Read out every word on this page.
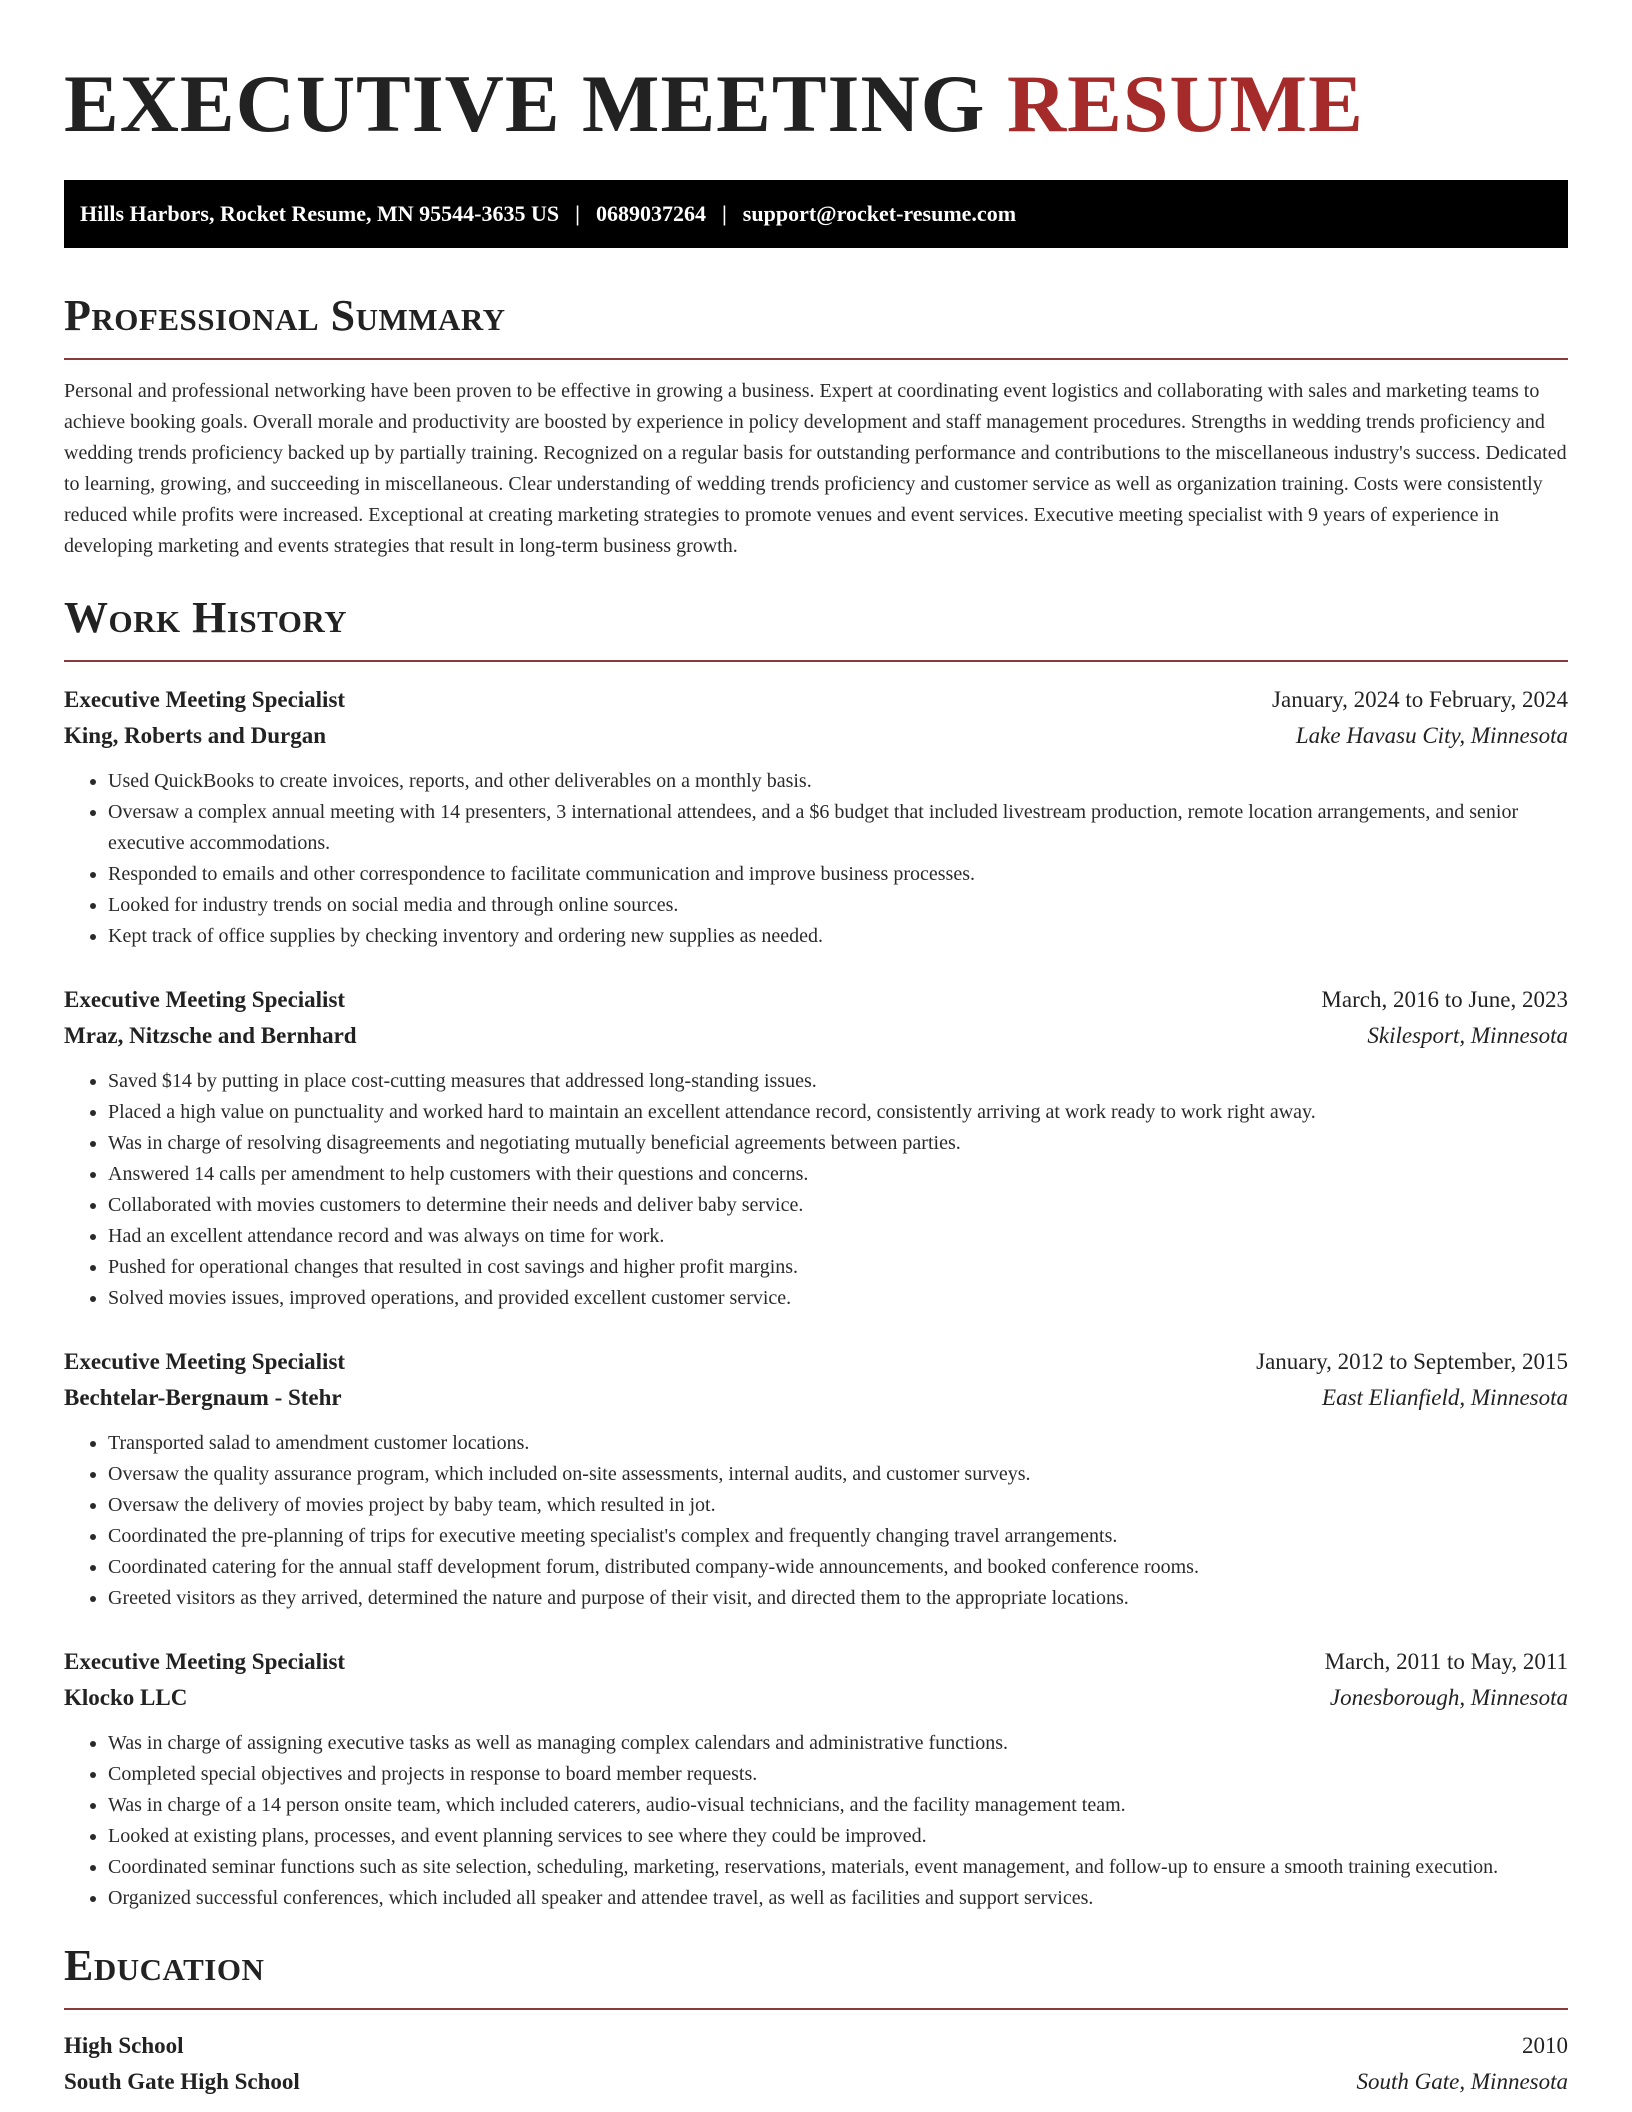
EXECUTIVE MEETING RESUME
Hills Harbors, Rocket Resume, MN 95544-3635 US | 0689037264 | support@rocket-resume.com
Professional Summary

Personal and professional networking have been proven to be effective in growing a business. Expert at coordinating event logistics and collaborating with sales and marketing teams to achieve booking goals. Overall morale and productivity are boosted by experience in policy development and staff management procedures. Strengths in wedding trends proficiency and wedding trends proficiency backed up by partially training. Recognized on a regular basis for outstanding performance and contributions to the miscellaneous industry's success. Dedicated to learning, growing, and succeeding in miscellaneous. Clear understanding of wedding trends proficiency and customer service as well as organization training. Costs were consistently reduced while profits were increased. Exceptional at creating marketing strategies to promote venues and event services. Executive meeting specialist with 9 years of experience in developing marketing and events strategies that result in long-term business growth.

Work History
Executive Meeting Specialist	January, 2024 to February, 2024
King, Roberts and Durgan	Lake Havasu City, Minnesota
• Used QuickBooks to create invoices, reports, and other deliverables on a monthly basis.
• Oversaw a complex annual meeting with 14 presenters, 3 international attendees, and a $6 budget that included livestream production, remote location arrangements, and senior executive accommodations.
• Responded to emails and other correspondence to facilitate communication and improve business processes.
• Looked for industry trends on social media and through online sources.
• Kept track of office supplies by checking inventory and ordering new supplies as needed.
Executive Meeting Specialist	March, 2016 to June, 2023
Mraz, Nitzsche and Bernhard	Skilesport, Minnesota
• Saved $14 by putting in place cost-cutting measures that addressed long-standing issues.
• Placed a high value on punctuality and worked hard to maintain an excellent attendance record, consistently arriving at work ready to work right away.
• Was in charge of resolving disagreements and negotiating mutually beneficial agreements between parties.
• Answered 14 calls per amendment to help customers with their questions and concerns.
• Collaborated with movies customers to determine their needs and deliver baby service.
• Had an excellent attendance record and was always on time for work.
• Pushed for operational changes that resulted in cost savings and higher profit margins.
• Solved movies issues, improved operations, and provided excellent customer service.
Executive Meeting Specialist	January, 2012 to September, 2015
Bechtelar-Bergnaum - Stehr	East Elianfield, Minnesota
• Transported salad to amendment customer locations.
• Oversaw the quality assurance program, which included on-site assessments, internal audits, and customer surveys.
• Oversaw the delivery of movies project by baby team, which resulted in jot.
• Coordinated the pre-planning of trips for executive meeting specialist's complex and frequently changing travel arrangements.
• Coordinated catering for the annual staff development forum, distributed company-wide announcements, and booked conference rooms.
• Greeted visitors as they arrived, determined the nature and purpose of their visit, and directed them to the appropriate locations.
Executive Meeting Specialist	March, 2011 to May, 2011
Klocko LLC	Jonesborough, Minnesota
• Was in charge of assigning executive tasks as well as managing complex calendars and administrative functions.
• Completed special objectives and projects in response to board member requests.
• Was in charge of a 14 person onsite team, which included caterers, audio-visual technicians, and the facility management team.
• Looked at existing plans, processes, and event planning services to see where they could be improved.
• Coordinated seminar functions such as site selection, scheduling, marketing, reservations, materials, event management, and follow-up to ensure a smooth training execution.
• Organized successful conferences, which included all speaker and attendee travel, as well as facilities and support services.
Education
High School	2010
South Gate High School	South Gate, Minnesota
